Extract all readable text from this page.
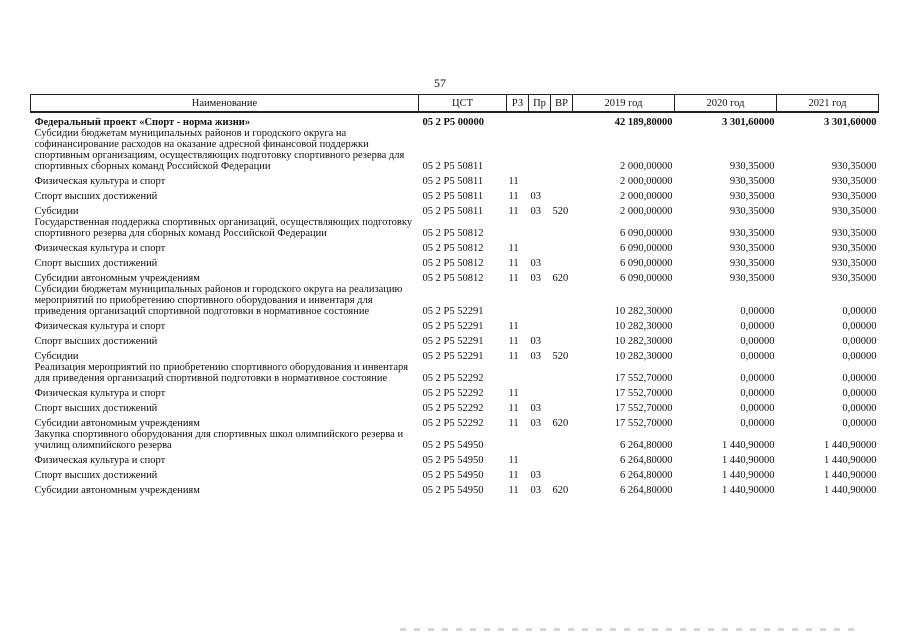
57
Наименование	ЦСТ	РЗ	Пр	ВР	2019 год	2020 год	2021 год
Федеральный проект «Спорт - норма жизни»	05 2 P5 00000				42 189,80000	3 301,60000	3 301,60000
Субсидии бюджетам муниципальных районов и городского округа на софинансирование расходов на оказание адресной финансовой поддержки спортивным организациям, осуществляющих подготовку спортивного резерва для спортивных сборных команд Российской Федерации	05 2 P5 50811				2 000,00000	930,35000	930,35000
Физическая культура и спорт	05 2 P5 50811	11			2 000,00000	930,35000	930,35000
Спорт высших достижений	05 2 P5 50811	11	03		2 000,00000	930,35000	930,35000
Субсидии	05 2 P5 50811	11	03	520	2 000,00000	930,35000	930,35000
Государственная поддержка спортивных организаций, осуществляющих подготовку спортивного резерва для сборных команд Российской Федерации	05 2 P5 50812				6 090,00000	930,35000	930,35000
Физическая культура и спорт	05 2 P5 50812	11			6 090,00000	930,35000	930,35000
Спорт высших достижений	05 2 P5 50812	11	03		6 090,00000	930,35000	930,35000
Субсидии автономным учреждениям	05 2 P5 50812	11	03	620	6 090,00000	930,35000	930,35000
Субсидии бюджетам муниципальных районов и городского округа на реализацию мероприятий по приобретению спортивного оборудования и инвентаря для приведения организаций спортивной подготовки в нормативное состояние	05 2 P5 52291				10 282,30000	0,00000	0,00000
Физическая культура и спорт	05 2 P5 52291	11			10 282,30000	0,00000	0,00000
Спорт высших достижений	05 2 P5 52291	11	03		10 282,30000	0,00000	0,00000
Субсидии	05 2 P5 52291	11	03	520	10 282,30000	0,00000	0,00000
Реализация мероприятий по приобретению спортивного оборудования и инвентаря для приведения организаций спортивной подготовки в нормативное состояние	05 2 P5 52292				17 552,70000	0,00000	0,00000
Физическая культура и спорт	05 2 P5 52292	11			17 552,70000	0,00000	0,00000
Спорт высших достижений	05 2 P5 52292	11	03		17 552,70000	0,00000	0,00000
Субсидии автономным учреждениям	05 2 P5 52292	11	03	620	17 552,70000	0,00000	0,00000
Закупка спортивного оборудования для спортивных школ олимпийского резерва и училищ олимпийского резерва	05 2 P5 54950				6 264,80000	1 440,90000	1 440,90000
Физическая культура и спорт	05 2 P5 54950	11			6 264,80000	1 440,90000	1 440,90000
Спорт высших достижений	05 2 P5 54950	11	03		6 264,80000	1 440,90000	1 440,90000
Субсидии автономным учреждениям	05 2 P5 54950	11	03	620	6 264,80000	1 440,90000	1 440,90000
